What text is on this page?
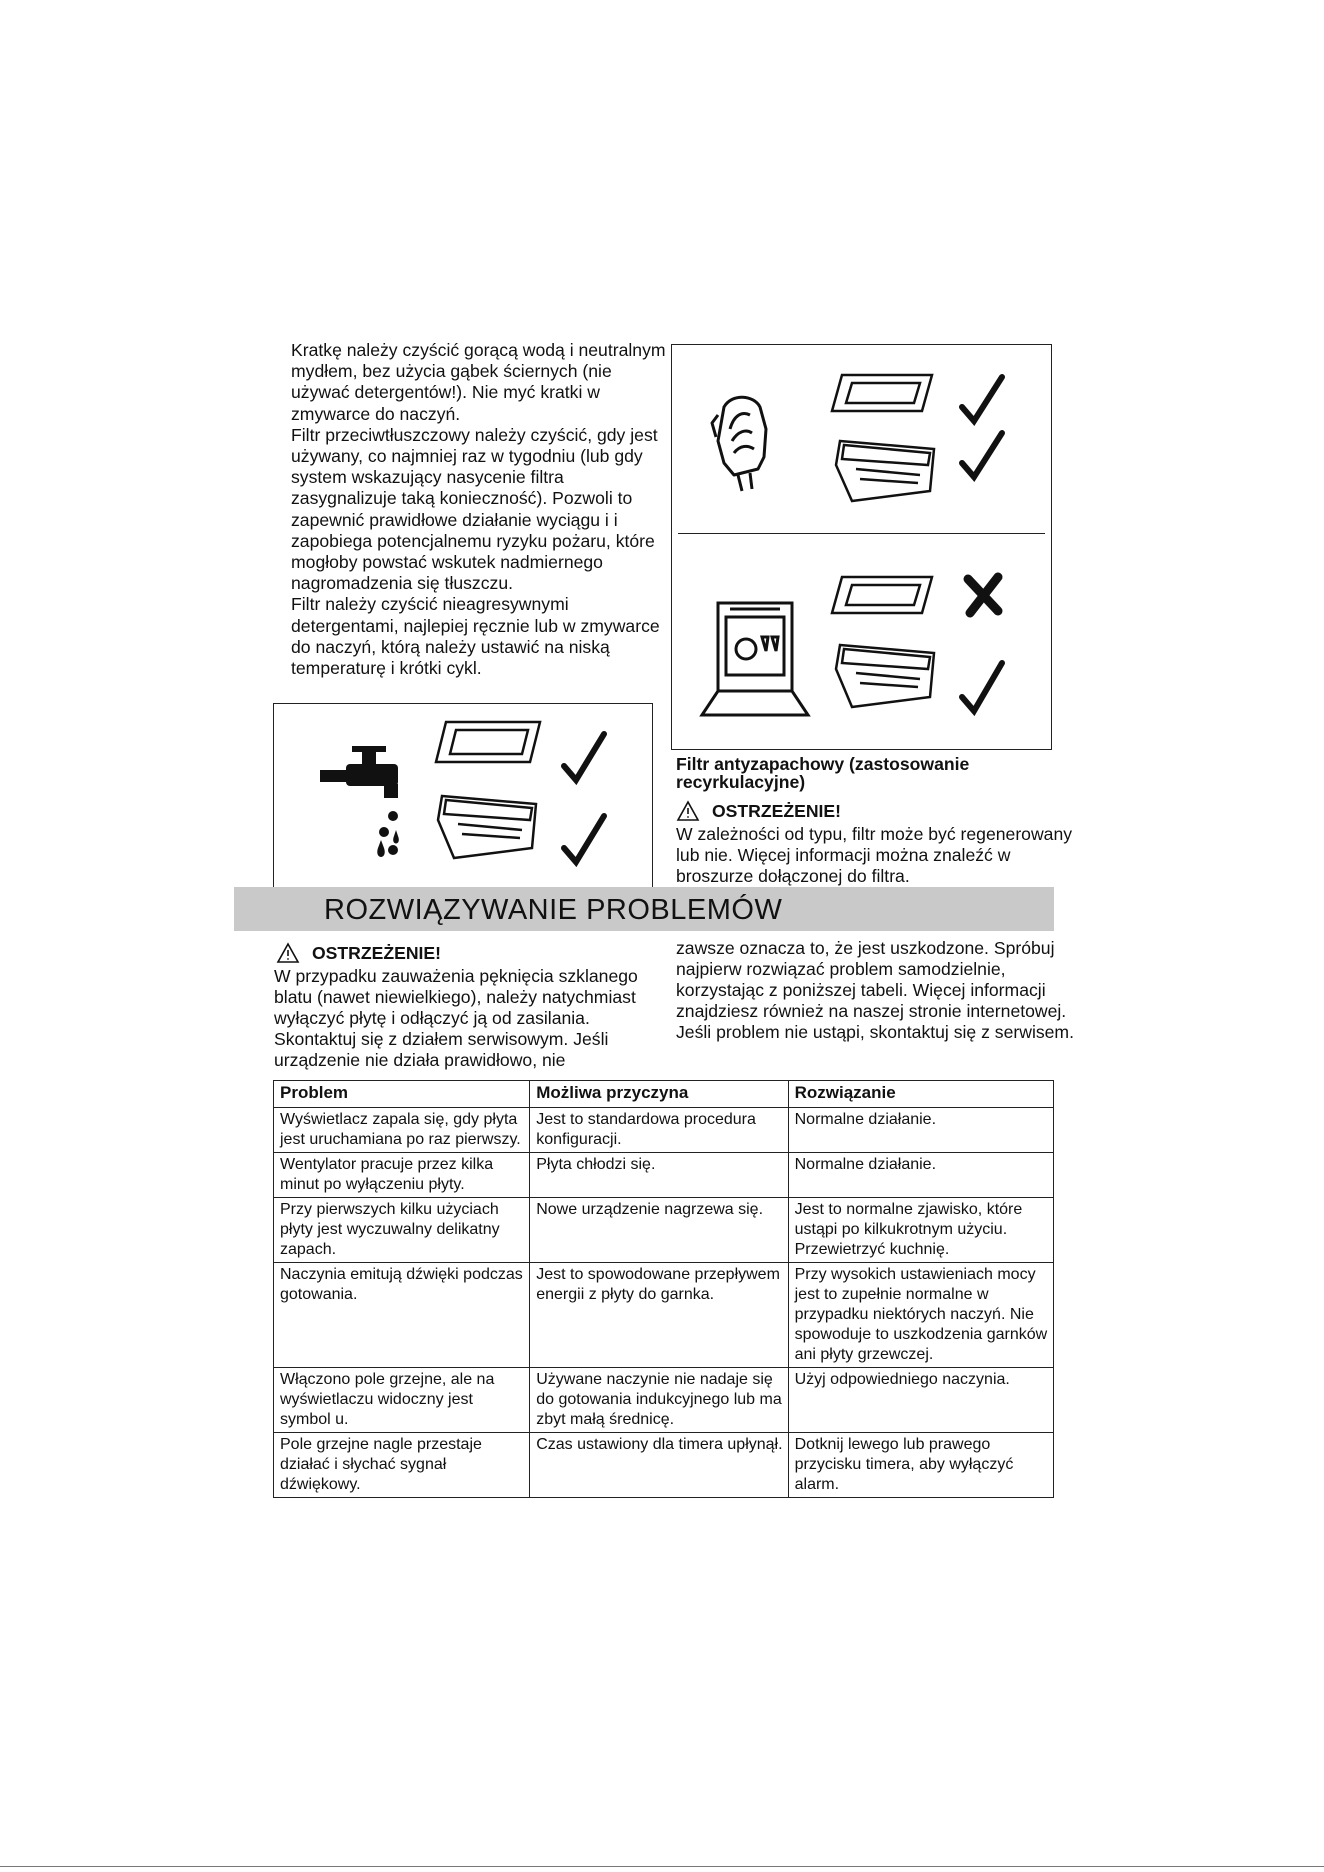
Kratkę należy czyścić gorącą wodą i neutralnym mydłem, bez użycia gąbek ściernych (nie używać detergentów!). Nie myć kratki w zmywarce do naczyń.

Filtr przeciwtłuszczowy należy czyścić, gdy jest używany, co najmniej raz w tygodniu (lub gdy system wskazujący nasycenie filtra zasygnalizuje taką konieczność). Pozwoli to zapewnić prawidłowe działanie wyciągu i i zapobiega potencjalnemu ryzyku pożaru, które mogłoby powstać wskutek nadmiernego nagromadzenia się tłuszczu.

Filtr należy czyścić nieagresywnymi detergentami, najlepiej ręcznie lub w zmywarce do naczyń, którą należy ustawić na niską temperaturę i krótki cykl.

Filtr antyzapachowy (zastosowanie recyrkulacyjne)
OSTRZEŻENIE!
W zależności od typu, filtr może być regenerowany lub nie. Więcej informacji można znaleźć w broszurze dołączonej do filtra.
ROZWIĄZYWANIE PROBLEMÓW
OSTRZEŻENIE!
W przypadku zauważenia pęknięcia szklanego blatu (nawet niewielkiego), należy natychmiast wyłączyć płytę i odłączyć ją od zasilania. Skontaktuj się z działem serwisowym. Jeśli urządzenie nie działa prawidłowo, nie
zawsze oznacza to, że jest uszkodzone. Spróbuj najpierw rozwiązać problem samodzielnie, korzystając z poniższej tabeli. Więcej informacji znajdziesz również na naszej stronie internetowej. Jeśli problem nie ustąpi, skontaktuj się z serwisem.
Problem	Możliwa przyczyna	Rozwiązanie
Wyświetlacz zapala się, gdy płyta jest uruchamiana po raz pierwszy.	Jest to standardowa procedura konfiguracji.	Normalne działanie.
Wentylator pracuje przez kilka minut po wyłączeniu płyty.	Płyta chłodzi się.	Normalne działanie.
Przy pierwszych kilku użyciach płyty jest wyczuwalny delikatny zapach.	Nowe urządzenie nagrzewa się.	Jest to normalne zjawisko, które ustąpi po kilkukrotnym użyciu. Przewietrzyć kuchnię.
Naczynia emitują dźwięki podczas gotowania.	Jest to spowodowane przepływem energii z płyty do garnka.	Przy wysokich ustawieniach mocy jest to zupełnie normalne w przypadku niektórych naczyń. Nie spowoduje to uszkodzenia garnków ani płyty grzewczej.
Włączono pole grzejne, ale na wyświetlaczu widoczny jest symbol u.	Używane naczynie nie nadaje się do gotowania indukcyjnego lub ma zbyt małą średnicę.	Użyj odpowiedniego naczynia.
Pole grzejne nagle przestaje działać i słychać sygnał dźwiękowy.	Czas ustawiony dla timera upłynął.	Dotknij lewego lub prawego przycisku timera, aby wyłączyć alarm.
